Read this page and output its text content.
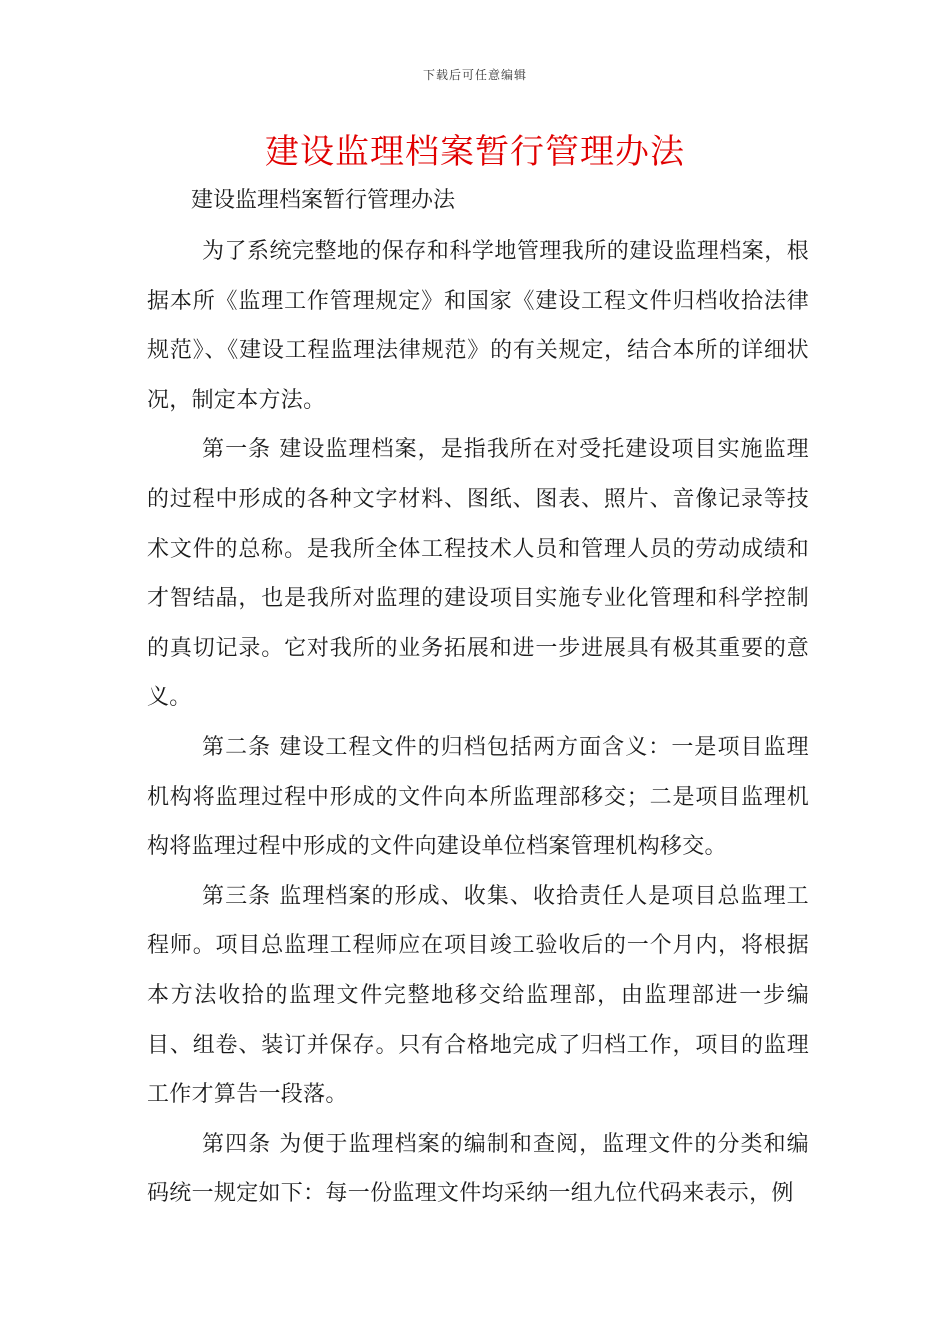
下载后可任意编辑
建设监理档案暂行管理办法

建设监理档案暂行管理办法

为了系统完整地的保存和科学地管理我所的建设监理档案，根据本所《监理工作管理规定》和国家《建设工程文件归档收拾法律规范》、《建设工程监理法律规范》的有关规定，结合本所的详细状况，制定本方法。

第一条 建设监理档案，是指我所在对受托建设项目实施监理的过程中形成的各种文字材料、图纸、图表、照片、音像记录等技术文件的总称。是我所全体工程技术人员和管理人员的劳动成绩和才智结晶，也是我所对监理的建设项目实施专业化管理和科学控制的真切记录。它对我所的业务拓展和进一步进展具有极其重要的意义。

第二条 建设工程文件的归档包括两方面含义：一是项目监理机构将监理过程中形成的文件向本所监理部移交；二是项目监理机构将监理过程中形成的文件向建设单位档案管理机构移交。

第三条 监理档案的形成、收集、收拾责任人是项目总监理工程师。项目总监理工程师应在项目竣工验收后的一个月内，将根据本方法收拾的监理文件完整地移交给监理部，由监理部进一步编目、组卷、装订并保存。只有合格地完成了归档工作，项目的监理工作才算告一段落。

第四条 为便于监理档案的编制和查阅，监理文件的分类和编码统一规定如下：每一份监理文件均采纳一组九位代码来表示，例
